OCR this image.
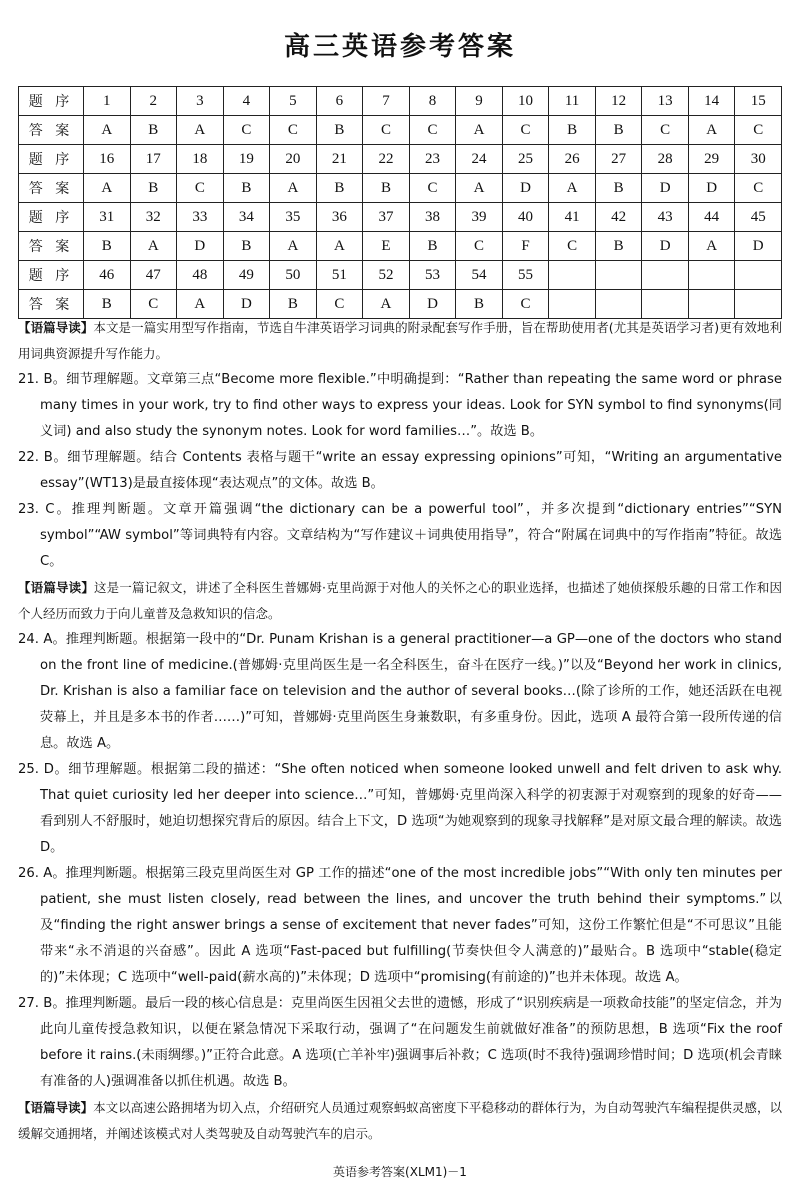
高三英语参考答案
题 序	1	2	3	4	5	6	7	8	9	10	11	12	13	14	15
答 案	A	B	A	C	C	B	C	C	A	C	B	B	C	A	C
题 序	16	17	18	19	20	21	22	23	24	25	26	27	28	29	30
答 案	A	B	C	B	A	B	B	C	A	D	A	B	D	D	C
题 序	31	32	33	34	35	36	37	38	39	40	41	42	43	44	45
答 案	B	A	D	B	A	A	E	B	C	F	C	B	D	A	D
题 序	46	47	48	49	50	51	52	53	54	55					
答 案	B	C	A	D	B	C	A	D	B	C					

【语篇导读】本文是一篇实用型写作指南，节选自牛津英语学习词典的附录配套写作手册，旨在帮助使用者(尤其是英语学习者)更有效地利用词典资源提升写作能力。

21. B。细节理解题。文章第三点“Become more flexible.”中明确提到：“Rather than repeating the same word or phrase many times in your work, try to find other ways to express your ideas. Look for SYN symbol to find synonyms(同义词) and also study the synonym notes. Look for word families…”。故选 B。

22. B。细节理解题。结合 Contents 表格与题干“write an essay expressing opinions”可知，“Writing an argumentative essay”(WT13)是最直接体现“表达观点”的文体。故选 B。

23. C。推理判断题。文章开篇强调“the dictionary can be a powerful tool”，并多次提到“dictionary entries”“SYN symbol”“AW symbol”等词典特有内容。文章结构为“写作建议＋词典使用指导”，符合“附属在词典中的写作指南”特征。故选 C。

【语篇导读】这是一篇记叙文，讲述了全科医生普娜姆·克里尚源于对他人的关怀之心的职业选择，也描述了她侦探般乐趣的日常工作和因个人经历而致力于向儿童普及急救知识的信念。

24. A。推理判断题。根据第一段中的“Dr. Punam Krishan is a general practitioner—a GP—one of the doctors who stand on the front line of medicine.(普娜姆·克里尚医生是一名全科医生，奋斗在医疗一线。)”以及“Beyond her work in clinics, Dr. Krishan is also a familiar face on television and the author of several books…(除了诊所的工作，她还活跃在电视荧幕上，并且是多本书的作者……)”可知，普娜姆·克里尚医生身兼数职，有多重身份。因此，选项 A 最符合第一段所传递的信息。故选 A。

25. D。细节理解题。根据第二段的描述：“She often noticed when someone looked unwell and felt driven to ask why. That quiet curiosity led her deeper into science…”可知，普娜姆·克里尚深入科学的初衷源于对观察到的现象的好奇——看到别人不舒服时，她迫切想探究背后的原因。结合上下文，D 选项“为她观察到的现象寻找解释”是对原文最合理的解读。故选 D。

26. A。推理判断题。根据第三段克里尚医生对 GP 工作的描述“one of the most incredible jobs”“With only ten minutes per patient, she must listen closely, read between the lines, and uncover the truth behind their symptoms.”以及“finding the right answer brings a sense of excitement that never fades”可知，这份工作繁忙但是“不可思议”且能带来“永不消退的兴奋感”。因此 A 选项“Fast-paced but fulfilling(节奏快但令人满意的)”最贴合。B 选项中“stable(稳定的)”未体现；C 选项中“well-paid(薪水高的)”未体现；D 选项中“promising(有前途的)”也并未体现。故选 A。

27. B。推理判断题。最后一段的核心信息是：克里尚医生因祖父去世的遗憾，形成了“识别疾病是一项救命技能”的坚定信念，并为此向儿童传授急救知识，以便在紧急情况下采取行动，强调了“在问题发生前就做好准备”的预防思想，B 选项“Fix the roof before it rains.(未雨绸缪。)”正符合此意。A 选项(亡羊补牢)强调事后补救；C 选项(时不我待)强调珍惜时间；D 选项(机会青睐有准备的人)强调准备以抓住机遇。故选 B。

【语篇导读】本文以高速公路拥堵为切入点，介绍研究人员通过观察蚂蚁高密度下平稳移动的群体行为，为自动驾驶汽车编程提供灵感，以缓解交通拥堵，并阐述该模式对人类驾驶及自动驾驶汽车的启示。

英语参考答案(XLM1)－1
